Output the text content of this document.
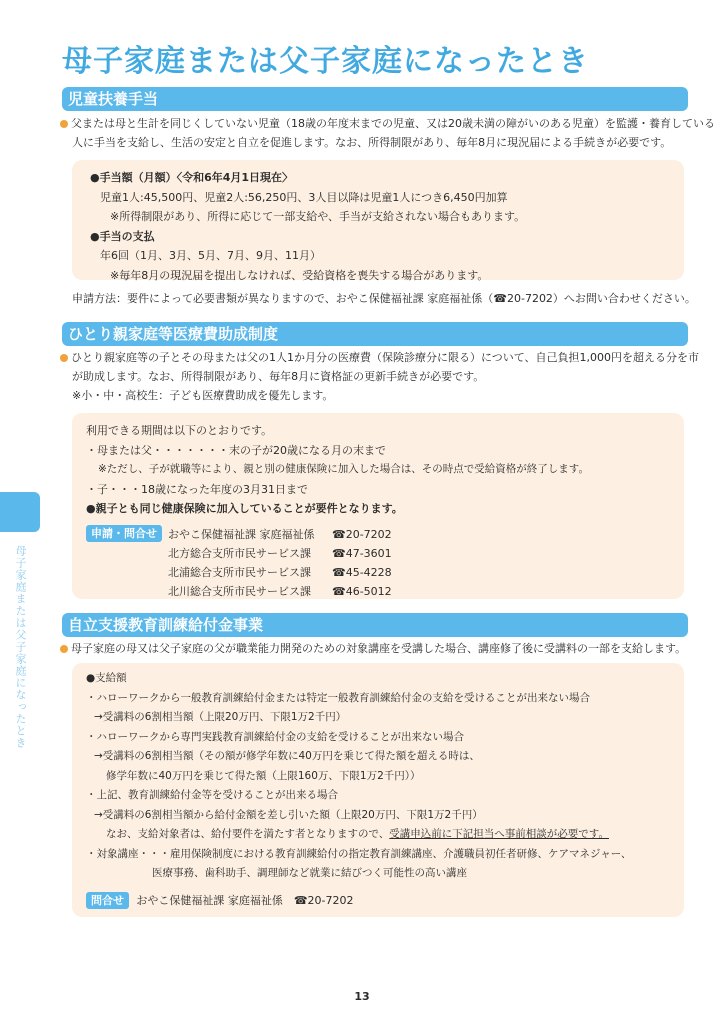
母子家庭または父子家庭になったとき
母子家庭または父子家庭になったとき
児童扶養手当

父または母と生計を同じくしていない児童（18歳の年度末までの児童、又は20歳未満の障がいのある児童）を監護・養育している

人に手当を支給し、生活の安定と自立を促進します。なお、所得制限があり、毎年8月に現況届による手続きが必要です。

●手当額（月額）〈令和6年4月1日現在〉
児童1人:45,500円、児童2人:56,250円、3人目以降は児童1人につき6,450円加算
※所得制限があり、所得に応じて一部支給や、手当が支給されない場合もあります。
●手当の支払
年6回（1月、3月、5月、7月、9月、11月）
※毎年8月の現況届を提出しなければ、受給資格を喪失する場合があります。

申請方法：要件によって必要書類が異なりますので、おやこ保健福祉課 家庭福祉係（☎20-7202）へお問い合わせください。

ひとり親家庭等医療費助成制度

ひとり親家庭等の子とその母または父の1人1か月分の医療費（保険診療分に限る）について、自己負担1,000円を超える分を市

が助成します。なお、所得制限があり、毎年8月に資格証の更新手続きが必要です。

※小・中・高校生：子ども医療費助成を優先します。

利用できる期間は以下のとおりです。
・母または父・・・・・・・末の子が20歳になる月の末まで
※ただし、子が就職等により、親と別の健康保険に加入した場合は、その時点で受給資格が終了します。
・子・・・18歳になった年度の3月31日まで
●親子とも同じ健康保険に加入していることが要件となります。
申請・問合せ	おやこ保健福祉課 家庭福祉係	☎20-7202
北方総合支所市民サービス課	☎47-3601
北浦総合支所市民サービス課	☎45-4228
北川総合支所市民サービス課	☎46-5012
自立支援教育訓練給付金事業

母子家庭の母又は父子家庭の父が職業能力開発のための対象講座を受講した場合、講座修了後に受講料の一部を支給します。

●支給額
・ハローワークから一般教育訓練給付金または特定一般教育訓練給付金の支給を受けることが出来ない場合
→受講料の6割相当額（上限20万円、下限1万2千円）
・ハローワークから専門実践教育訓練給付金の支給を受けることが出来ない場合
→受講料の6割相当額（その額が修学年数に40万円を乗じて得た額を超える時は、
修学年数に40万円を乗じて得た額（上限160万、下限1万2千円））
・上記、教育訓練給付金等を受けることが出来る場合
→受講料の6割相当額から給付金額を差し引いた額（上限20万円、下限1万2千円）
なお、支給対象者は、給付要件を満たす者となりますので、受講申込前に下記担当へ事前相談が必要です。
・対象講座・・・雇用保険制度における教育訓練給付の指定教育訓練講座、介護職員初任者研修、ケアマネジャー、
医療事務、歯科助手、調理師など就業に結びつく可能性の高い講座
問合せ おやこ保健福祉課 家庭福祉係　☎20-7202
13
